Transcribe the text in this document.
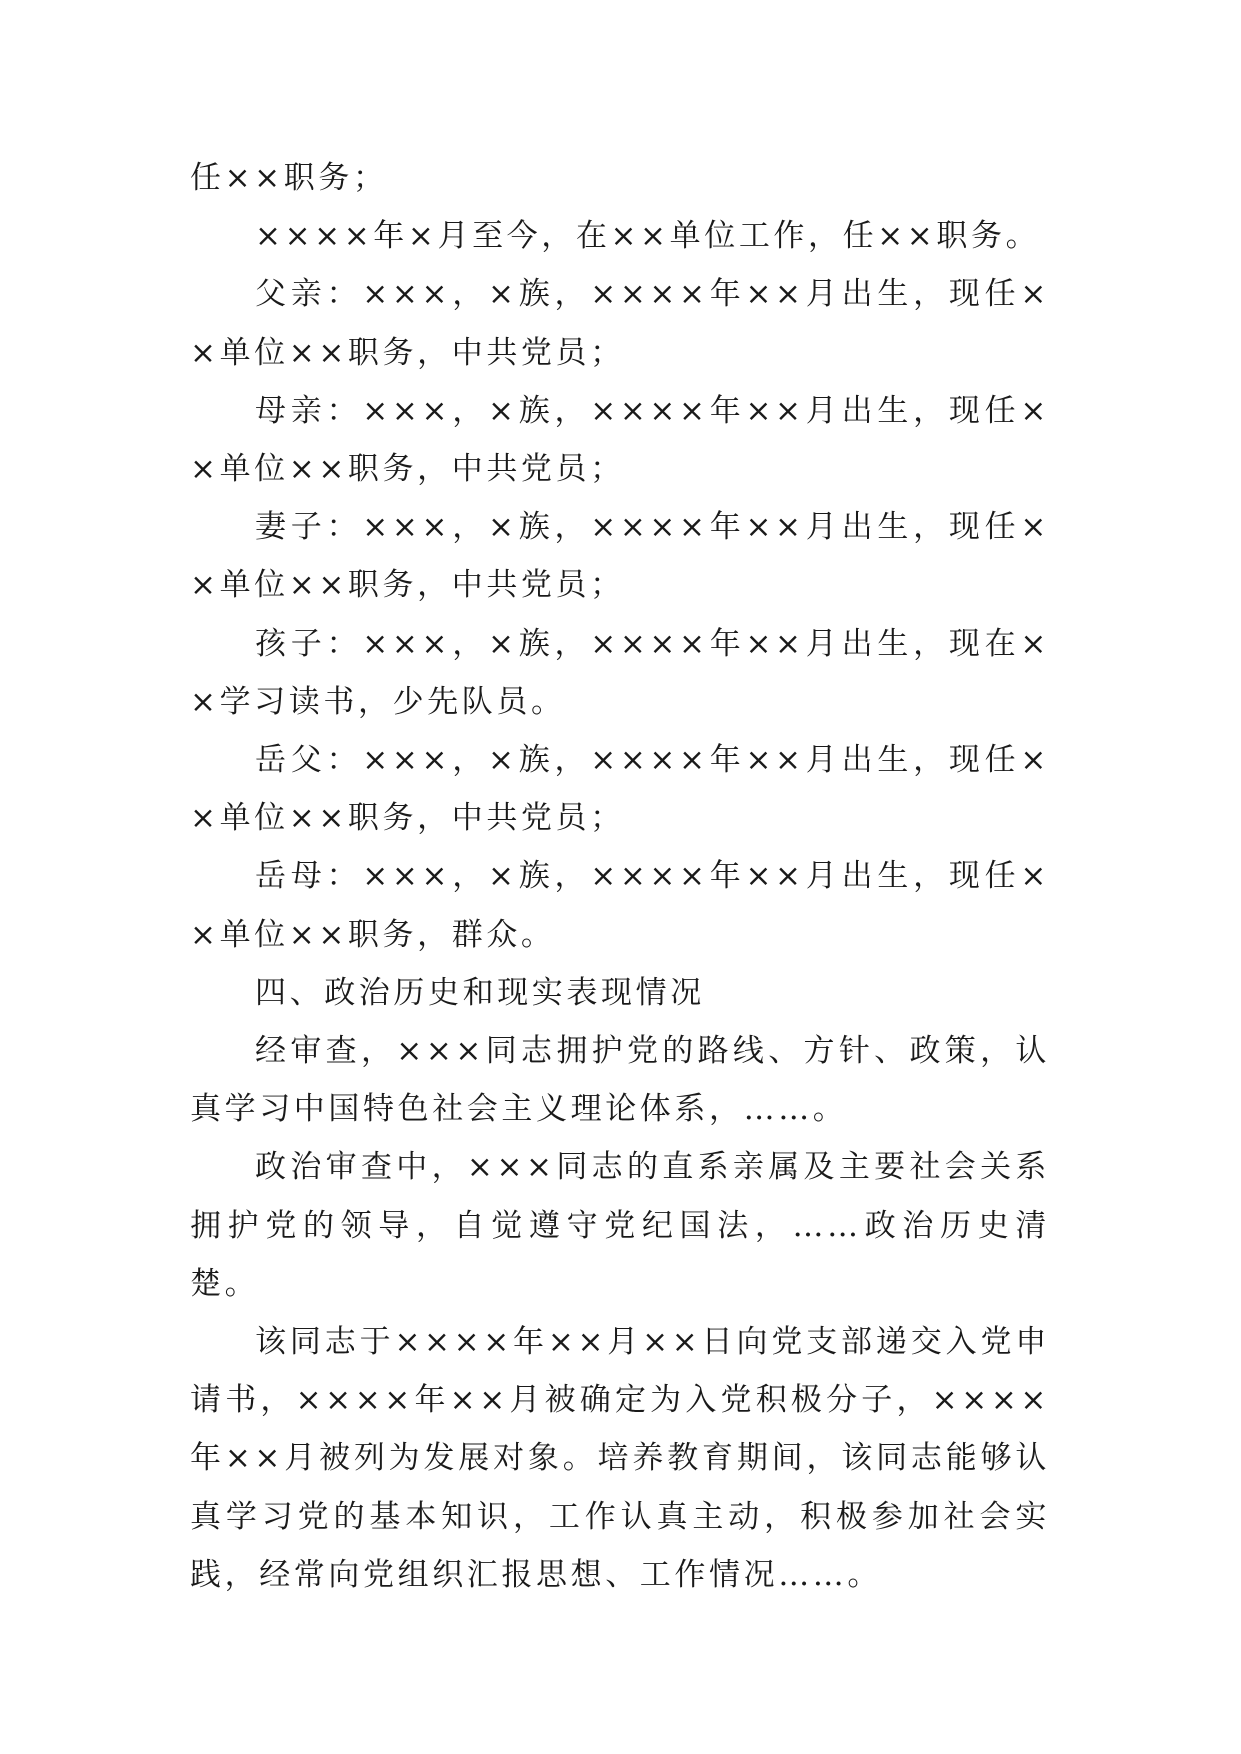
任××职务；

××××年×月至今，在××单位工作，任××职务。

父亲：×××，×族，××××年××月出生，现任××单位××职务，中共党员；

母亲：×××，×族，××××年××月出生，现任××单位××职务，中共党员；

妻子：×××，×族，××××年××月出生，现任××单位××职务，中共党员；

孩子：×××，×族，××××年××月出生，现在××学习读书，少先队员。

岳父：×××，×族，××××年××月出生，现任××单位××职务，中共党员；

岳母：×××，×族，××××年××月出生，现任××单位××职务，群众。

四、政治历史和现实表现情况

经审查，×××同志拥护党的路线、方针、政策，认真学习中国特色社会主义理论体系，……。

政治审查中，×××同志的直系亲属及主要社会关系拥护党的领导，自觉遵守党纪国法，……政治历史清楚。

该同志于××××年××月××日向党支部递交入党申请书，××××年××月被确定为入党积极分子，××××年××月被列为发展对象。培养教育期间，该同志能够认真学习党的基本知识，工作认真主动，积极参加社会实践，经常向党组织汇报思想、工作情况……。
